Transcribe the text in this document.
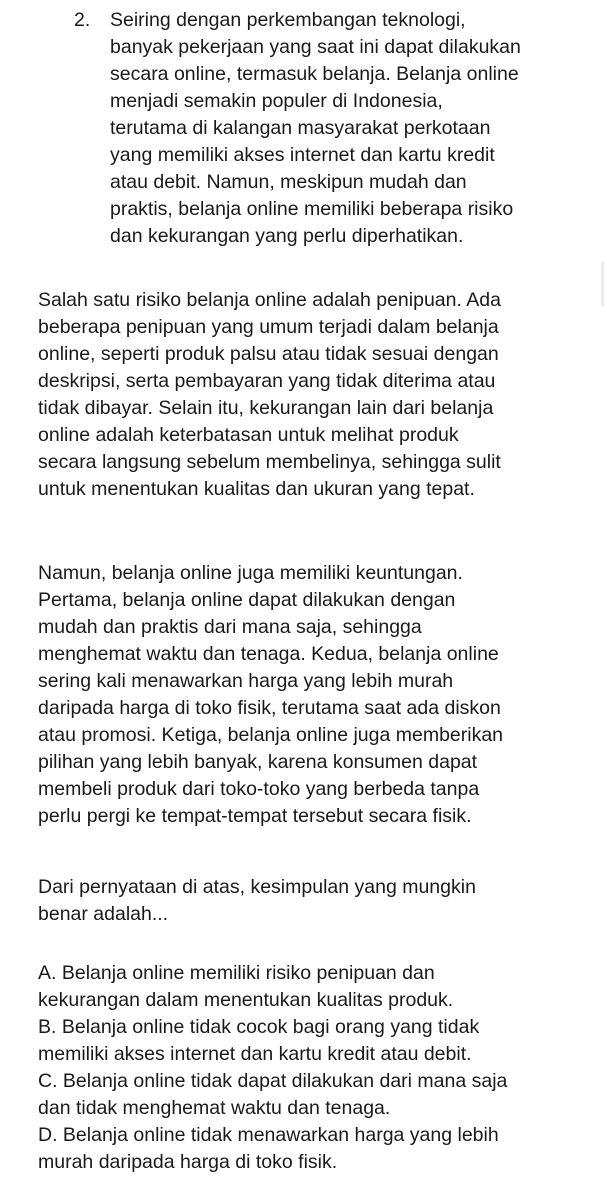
2. Seiring dengan perkembangan teknologi,
banyak pekerjaan yang saat ini dapat dilakukan
secara online, termasuk belanja. Belanja online
menjadi semakin populer di Indonesia,
terutama di kalangan masyarakat perkotaan
yang memiliki akses internet dan kartu kredit
atau debit. Namun, meskipun mudah dan
praktis, belanja online memiliki beberapa risiko
dan kekurangan yang perlu diperhatikan.
Salah satu risiko belanja online adalah penipuan. Ada
beberapa penipuan yang umum terjadi dalam belanja
online, seperti produk palsu atau tidak sesuai dengan
deskripsi, serta pembayaran yang tidak diterima atau
tidak dibayar. Selain itu, kekurangan lain dari belanja
online adalah keterbatasan untuk melihat produk
secara langsung sebelum membelinya, sehingga sulit
untuk menentukan kualitas dan ukuran yang tepat.
Namun, belanja online juga memiliki keuntungan.
Pertama, belanja online dapat dilakukan dengan
mudah dan praktis dari mana saja, sehingga
menghemat waktu dan tenaga. Kedua, belanja online
sering kali menawarkan harga yang lebih murah
daripada harga di toko fisik, terutama saat ada diskon
atau promosi. Ketiga, belanja online juga memberikan
pilihan yang lebih banyak, karena konsumen dapat
membeli produk dari toko-toko yang berbeda tanpa
perlu pergi ke tempat-tempat tersebut secara fisik.
Dari pernyataan di atas, kesimpulan yang mungkin
benar adalah...
A. Belanja online memiliki risiko penipuan dan
kekurangan dalam menentukan kualitas produk.
B. Belanja online tidak cocok bagi orang yang tidak
memiliki akses internet dan kartu kredit atau debit.
C. Belanja online tidak dapat dilakukan dari mana saja
dan tidak menghemat waktu dan tenaga.
D. Belanja online tidak menawarkan harga yang lebih
murah daripada harga di toko fisik.
